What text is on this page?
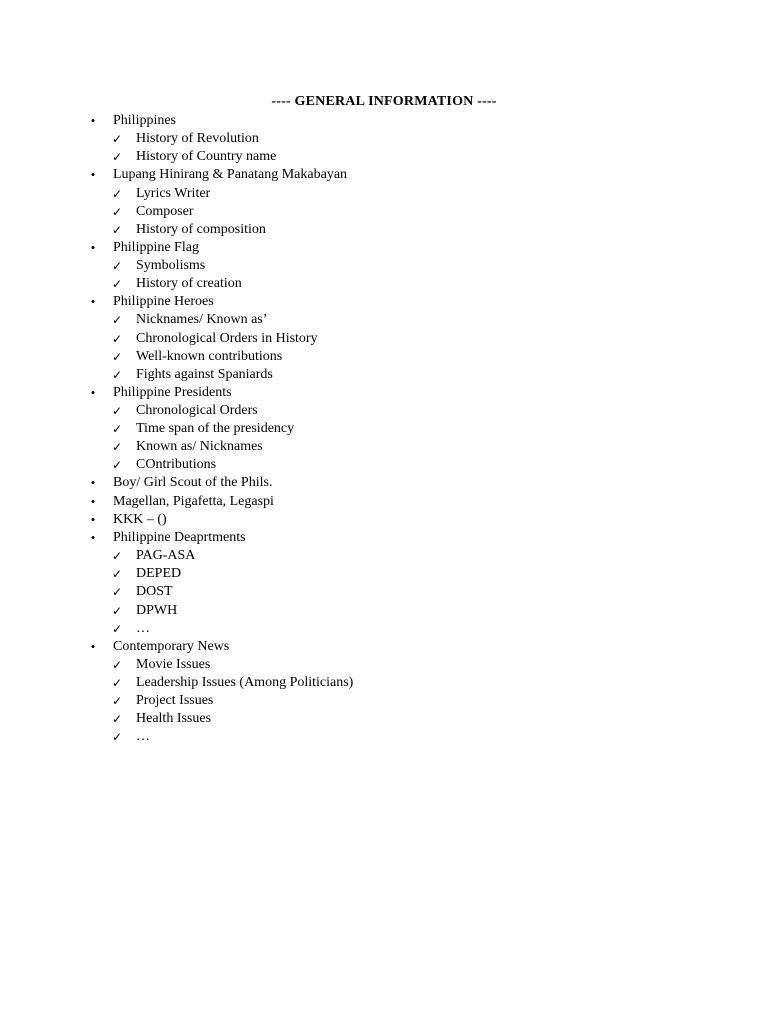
---- GENERAL INFORMATION ----
• Philippines
✓ History of Revolution
✓ History of Country name
• Lupang Hinirang & Panatang Makabayan
✓ Lyrics Writer
✓ Composer
✓ History of composition
• Philippine Flag
✓ Symbolisms
✓ History of creation
• Philippine Heroes
✓ Nicknames/ Known as’
✓ Chronological Orders in History
✓ Well-known contributions
✓ Fights against Spaniards
• Philippine Presidents
✓ Chronological Orders
✓ Time span of the presidency
✓ Known as/ Nicknames
✓ COntributions
• Boy/ Girl Scout of the Phils.
• Magellan, Pigafetta, Legaspi
• KKK – ()
• Philippine Deaprtments
✓ PAG-ASA
✓ DEPED
✓ DOST
✓ DPWH
✓ …
• Contemporary News
✓ Movie Issues
✓ Leadership Issues (Among Politicians)
✓ Project Issues
✓ Health Issues
✓ …
